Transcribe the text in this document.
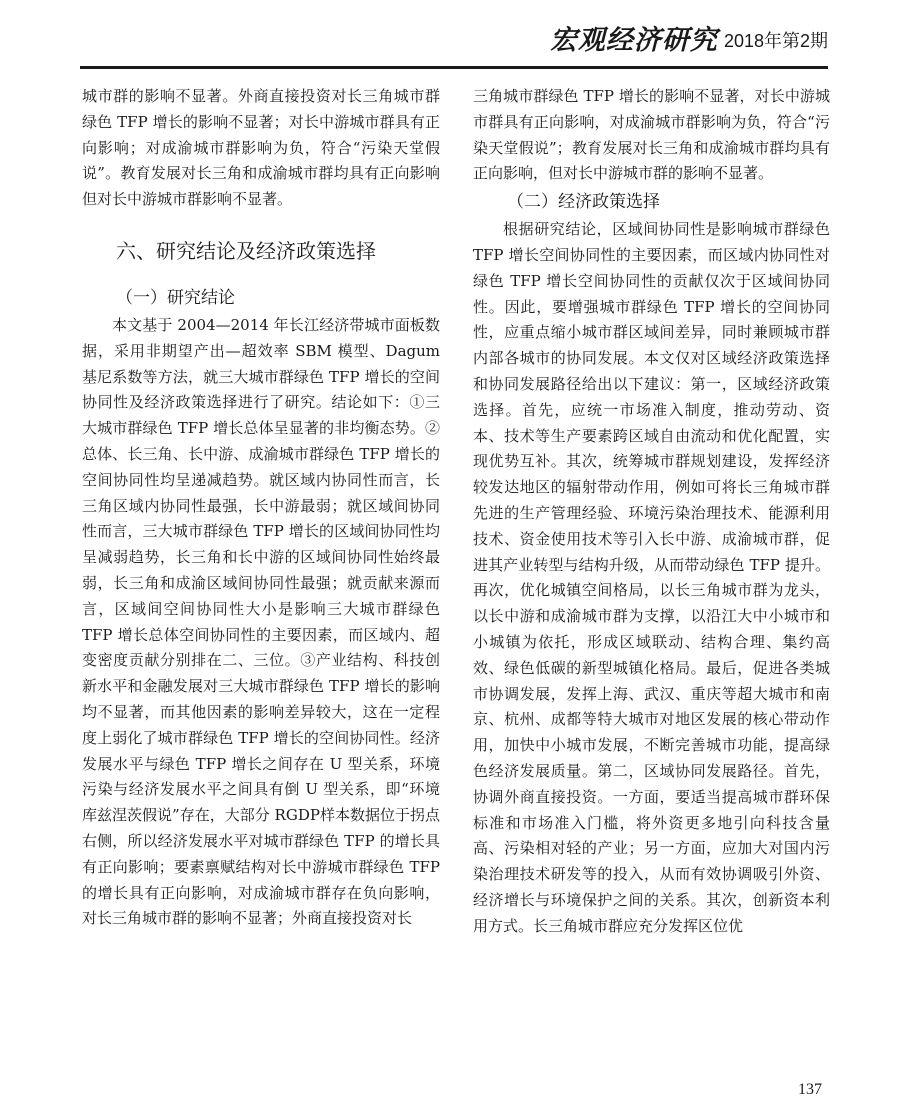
宏观经济研究 2018年第2期

城市群的影响不显著。外商直接投资对长三角城市群绿色 TFP 增长的影响不显著；对长中游城市群具有正向影响；对成渝城市群影响为负，符合“污染天堂假说”。教育发展对长三角和成渝城市群均具有正向影响但对长中游城市群影响不显著。

六、研究结论及经济政策选择
（一）研究结论

本文基于 2004—2014 年长江经济带城市面板数据，采用非期望产出—超效率 SBM 模型、Dagum 基尼系数等方法，就三大城市群绿色 TFP 增长的空间协同性及经济政策选择进行了研究。结论如下：①三大城市群绿色 TFP 增长总体呈显著的非均衡态势。②总体、长三角、长中游、成渝城市群绿色 TFP 增长的空间协同性均呈递减趋势。就区域内协同性而言，长三角区域内协同性最强，长中游最弱；就区域间协同性而言，三大城市群绿色 TFP 增长的区域间协同性均呈减弱趋势，长三角和长中游的区域间协同性始终最弱，长三角和成渝区域间协同性最强；就贡献来源而言，区域间空间协同性大小是影响三大城市群绿色 TFP 增长总体空间协同性的主要因素，而区域内、超变密度贡献分别排在二、三位。③产业结构、科技创新水平和金融发展对三大城市群绿色 TFP 增长的影响均不显著，而其他因素的影响差异较大，这在一定程度上弱化了城市群绿色 TFP 增长的空间协同性。经济发展水平与绿色 TFP 增长之间存在 U 型关系，环境污染与经济发展水平之间具有倒 U 型关系，即“环境库兹涅茨假说”存在，大部分 RGDP样本数据位于拐点右侧，所以经济发展水平对城市群绿色 TFP 的增长具有正向影响；要素禀赋结构对长中游城市群绿色 TFP 的增长具有正向影响，对成渝城市群存在负向影响，对长三角城市群的影响不显著；外商直接投资对长

三角城市群绿色 TFP 增长的影响不显著，对长中游城市群具有正向影响，对成渝城市群影响为负，符合“污染天堂假说”；教育发展对长三角和成渝城市群均具有正向影响，但对长中游城市群的影响不显著。

（二）经济政策选择

根据研究结论，区域间协同性是影响城市群绿色 TFP 增长空间协同性的主要因素，而区域内协同性对绿色 TFP 增长空间协同性的贡献仅次于区域间协同性。因此，要增强城市群绿色 TFP 增长的空间协同性，应重点缩小城市群区域间差异，同时兼顾城市群内部各城市的协同发展。本文仅对区域经济政策选择和协同发展路径给出以下建议：第一，区域经济政策选择。首先，应统一市场准入制度，推动劳动、资本、技术等生产要素跨区域自由流动和优化配置，实现优势互补。其次，统筹城市群规划建设，发挥经济较发达地区的辐射带动作用，例如可将长三角城市群先进的生产管理经验、环境污染治理技术、能源利用技术、资金使用技术等引入长中游、成渝城市群，促进其产业转型与结构升级，从而带动绿色 TFP 提升。再次，优化城镇空间格局，以长三角城市群为龙头，以长中游和成渝城市群为支撑，以沿江大中小城市和小城镇为依托，形成区域联动、结构合理、集约高效、绿色低碳的新型城镇化格局。最后，促进各类城市协调发展，发挥上海、武汉、重庆等超大城市和南京、杭州、成都等特大城市对地区发展的核心带动作用，加快中小城市发展，不断完善城市功能，提高绿色经济发展质量。第二，区域协同发展路径。首先，协调外商直接投资。一方面，要适当提高城市群环保标准和市场准入门槛，将外资更多地引向科技含量高、污染相对轻的产业；另一方面，应加大对国内污染治理技术研发等的投入，从而有效协调吸引外资、经济增长与环境保护之间的关系。其次，创新资本利用方式。长三角城市群应充分发挥区位优

137
